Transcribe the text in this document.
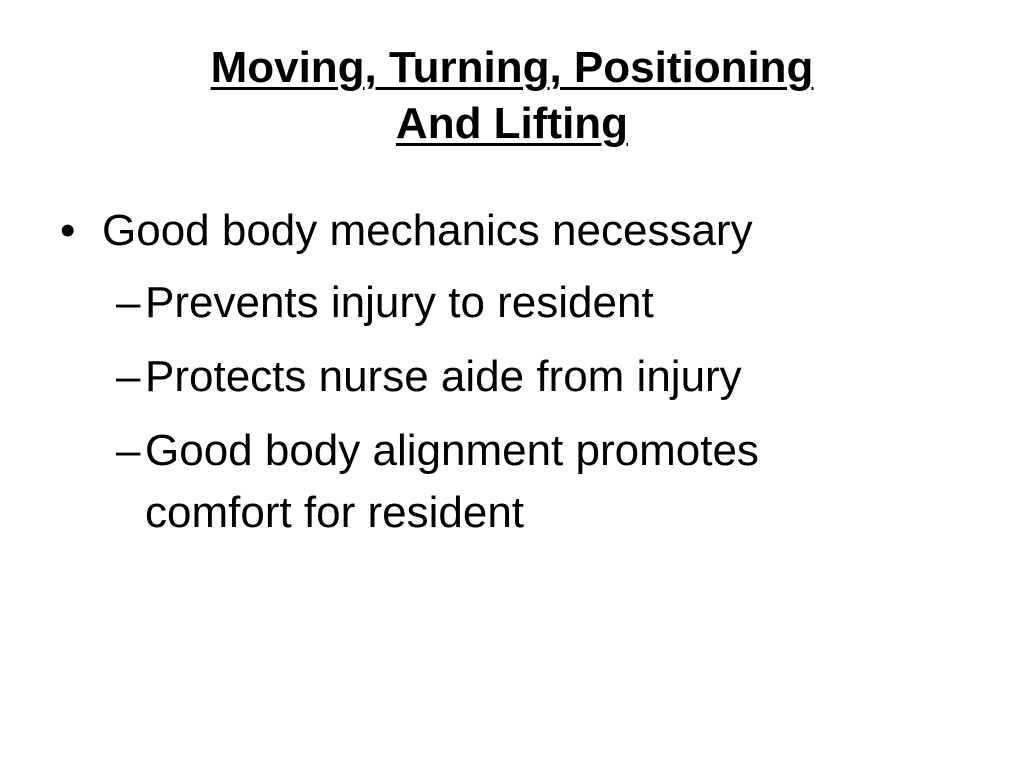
Moving, Turning, Positioning
And Lifting
• Good body mechanics necessary
– Prevents injury to resident
– Protects nurse aide from injury
– Good body alignment promotes comfort for resident
